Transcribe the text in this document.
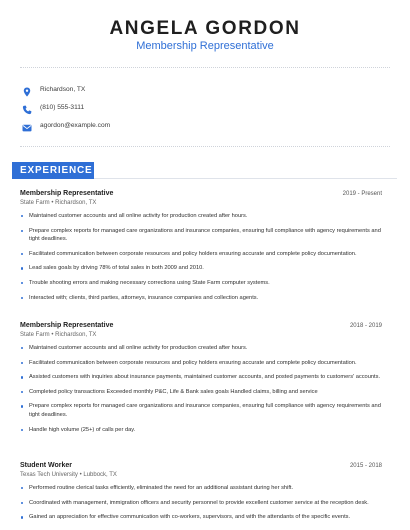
ANGELA GORDON
Membership Representative
Richardson, TX
(810) 555-3111
agordon@example.com
EXPERIENCE
Membership Representative	2019 - Present
State Farm • Richardson, TX
Maintained customer accounts and all online activity for production created after hours.
Prepare complex reports for managed care organizations and insurance companies, ensuring full compliance with agency requirements and tight deadlines.
Facilitated communication between corporate resources and policy holders ensuring accurate and complete policy documentation.
Lead sales goals by driving 78% of total sales in both 2009 and 2010.
Trouble shooting errors and making necessary corrections using State Farm computer systems.
Interacted with; clients, third parties, attorneys, insurance companies and collection agents.
Membership Representative	2018 - 2019
State Farm • Richardson, TX
Maintained customer accounts and all online activity for production created after hours.
Facilitated communication between corporate resources and policy holders ensuring accurate and complete policy documentation.
Assisted customers with inquiries about insurance payments, maintained customer accounts, and posted payments to customers' accounts.
Completed policy transactions Exceeded monthly P&C, Life & Bank sales goals Handled claims, billing and service
Prepare complex reports for managed care organizations and insurance companies, ensuring full compliance with agency requirements and tight deadlines.
Handle high volume (25+) of calls per day.
Student Worker	2015 - 2018
Texas Tech University • Lubbock, TX
Performed routine clerical tasks efficiently, eliminated the need for an additional assistant during her shift.
Coordinated with management, immigration officers and security personnel to provide excellent customer service at the reception desk.
Gained an appreciation for effective communication with co-workers, supervisors, and with the attendants of the specific events.
